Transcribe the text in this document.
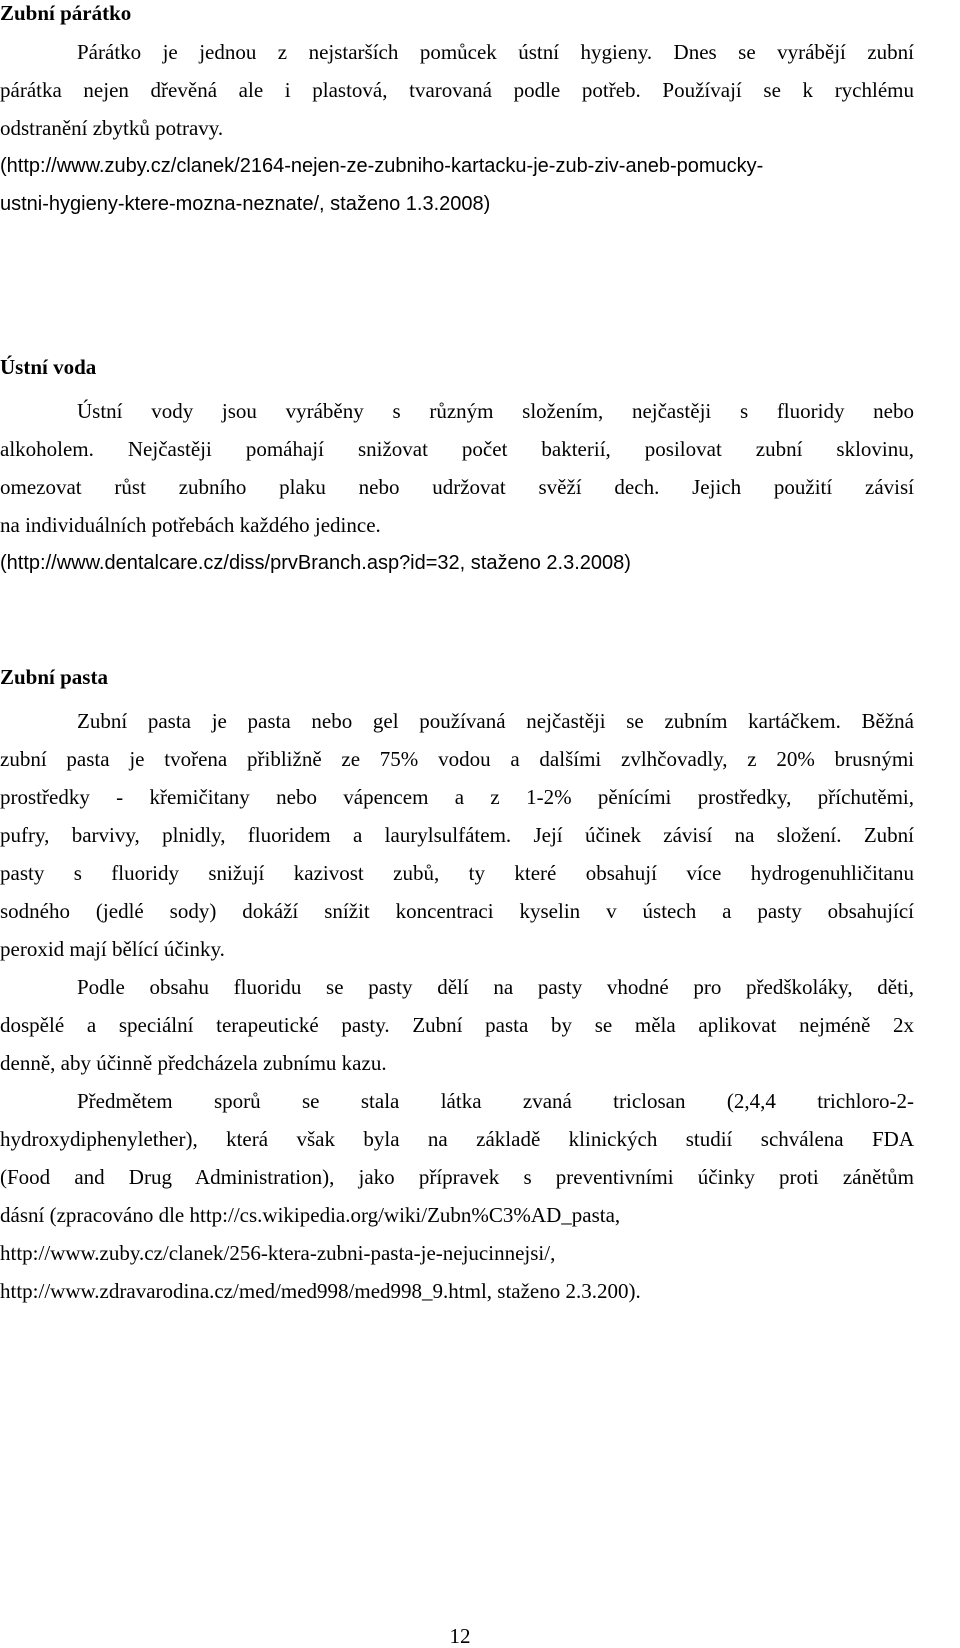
Zubní párátko
Párátko je jednou z nejstarších pomůcek ústní hygieny. Dnes se vyrábějí zubní
párátka nejen dřevěná ale i plastová, tvarovaná podle potřeb. Používají se k rychlému
odstranění zbytků potravy.
(http://www.zuby.cz/clanek/2164-nejen-ze-zubniho-kartacku-je-zub-ziv-aneb-pomucky-
ustni-hygieny-ktere-mozna-neznate/, staženo 1.3.2008)
Ústní voda
Ústní vody jsou vyráběny s různým složením, nejčastěji s fluoridy nebo
alkoholem. Nejčastěji pomáhají snižovat počet bakterií, posilovat zubní sklovinu,
omezovat růst zubního plaku nebo udržovat svěží dech. Jejich použití závisí
na individuálních potřebách každého jedince.
(http://www.dentalcare.cz/diss/prvBranch.asp?id=32, staženo 2.3.2008)
Zubní pasta
Zubní pasta je pasta nebo gel používaná nejčastěji se zubním kartáčkem. Běžná
zubní pasta je tvořena přibližně ze 75% vodou a dalšími zvlhčovadly, z 20% brusnými
prostředky - křemičitany nebo vápencem a z 1-2% pěnícími prostředky, příchutěmi,
pufry, barvivy, plnidly, fluoridem a laurylsulfátem. Její účinek závisí na složení. Zubní
pasty s fluoridy snižují kazivost zubů, ty které obsahují více hydrogenuhličitanu
sodného (jedlé sody) dokáží snížit koncentraci kyselin v ústech a pasty obsahující
peroxid mají bělící účinky.
Podle obsahu fluoridu se pasty dělí na pasty vhodné pro předškoláky, děti,
dospělé a speciální terapeutické pasty. Zubní pasta by se měla aplikovat nejméně 2x
denně, aby účinně předcházela zubnímu kazu.
Předmětem sporů se stala látka zvaná triclosan (2,4,4 trichloro-2-
hydroxydiphenylether), která však byla na základě klinických studií schválena FDA
(Food and Drug Administration), jako přípravek s preventivními účinky proti zánětům
dásní (zpracováno dle http://cs.wikipedia.org/wiki/Zubn%C3%AD_pasta,
http://www.zuby.cz/clanek/256-ktera-zubni-pasta-je-nejucinnejsi/,
http://www.zdravarodina.cz/med/med998/med998_9.html, staženo 2.3.200).
12
